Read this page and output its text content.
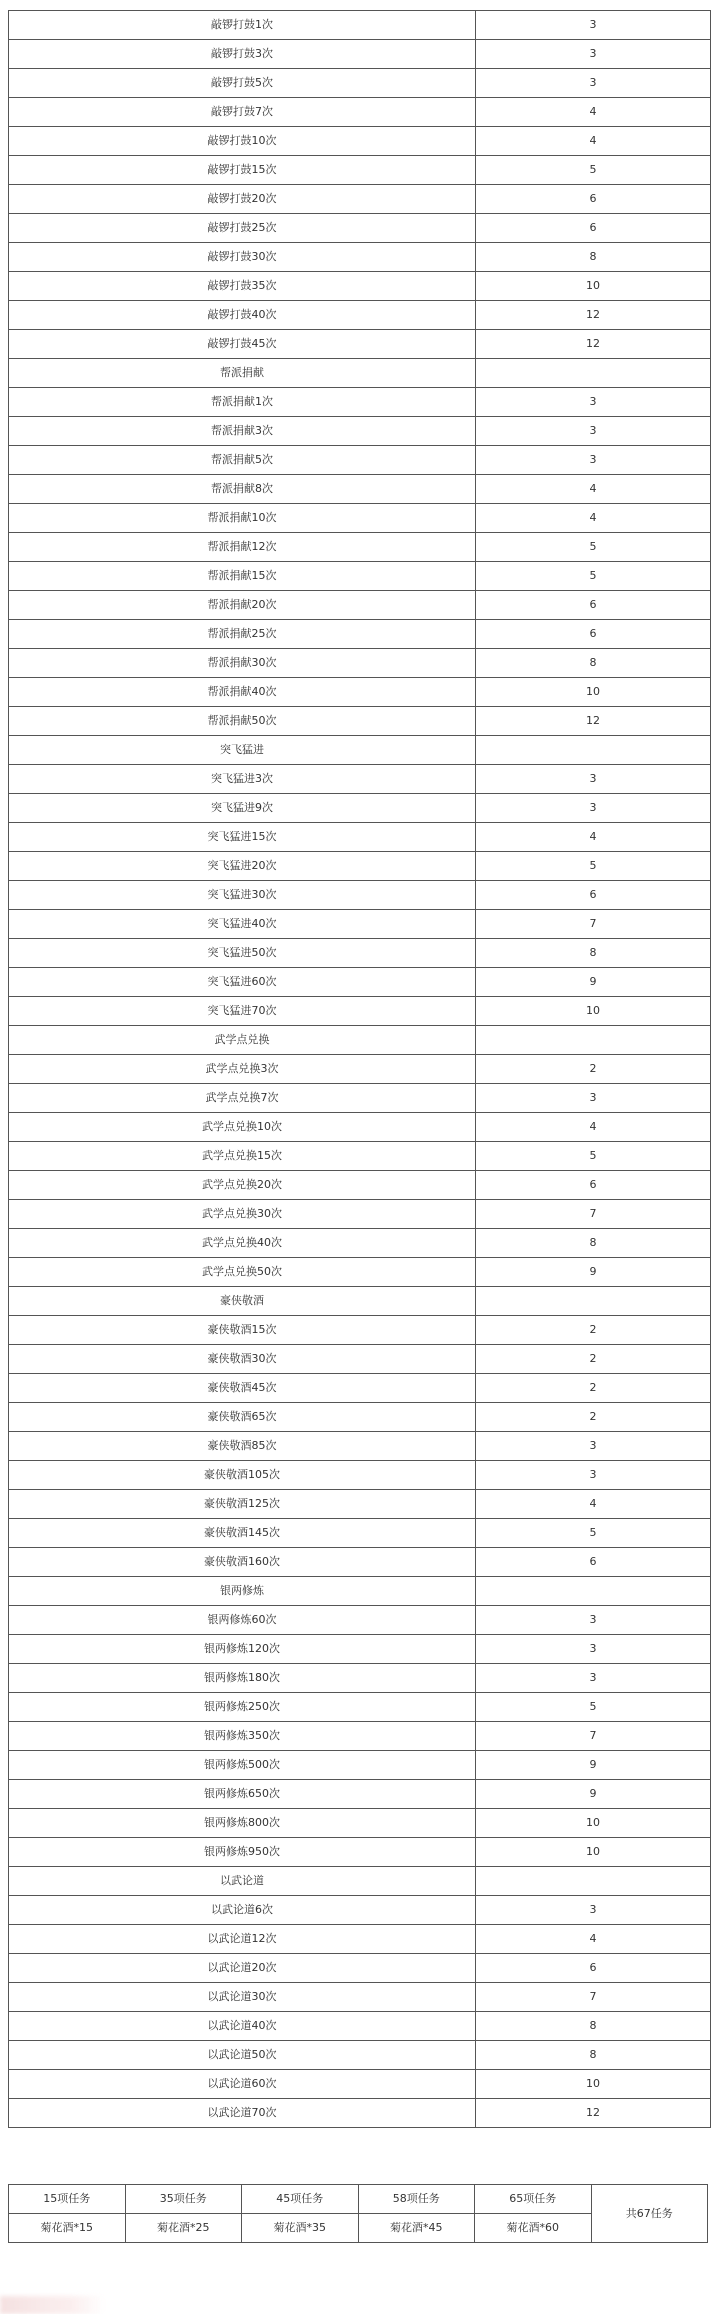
敲锣打鼓1次	3
敲锣打鼓3次	3
敲锣打鼓5次	3
敲锣打鼓7次	4
敲锣打鼓10次	4
敲锣打鼓15次	5
敲锣打鼓20次	6
敲锣打鼓25次	6
敲锣打鼓30次	8
敲锣打鼓35次	10
敲锣打鼓40次	12
敲锣打鼓45次	12
帮派捐献	
帮派捐献1次	3
帮派捐献3次	3
帮派捐献5次	3
帮派捐献8次	4
帮派捐献10次	4
帮派捐献12次	5
帮派捐献15次	5
帮派捐献20次	6
帮派捐献25次	6
帮派捐献30次	8
帮派捐献40次	10
帮派捐献50次	12
突飞猛进	
突飞猛进3次	3
突飞猛进9次	3
突飞猛进15次	4
突飞猛进20次	5
突飞猛进30次	6
突飞猛进40次	7
突飞猛进50次	8
突飞猛进60次	9
突飞猛进70次	10
武学点兑换	
武学点兑换3次	2
武学点兑换7次	3
武学点兑换10次	4
武学点兑换15次	5
武学点兑换20次	6
武学点兑换30次	7
武学点兑换40次	8
武学点兑换50次	9
豪侠敬酒	
豪侠敬酒15次	2
豪侠敬酒30次	2
豪侠敬酒45次	2
豪侠敬酒65次	2
豪侠敬酒85次	3
豪侠敬酒105次	3
豪侠敬酒125次	4
豪侠敬酒145次	5
豪侠敬酒160次	6
银两修炼	
银两修炼60次	3
银两修炼120次	3
银两修炼180次	3
银两修炼250次	5
银两修炼350次	7
银两修炼500次	9
银两修炼650次	9
银两修炼800次	10
银两修炼950次	10
以武论道	
以武论道6次	3
以武论道12次	4
以武论道20次	6
以武论道30次	7
以武论道40次	8
以武论道50次	8
以武论道60次	10
以武论道70次	12
15项任务	35项任务	45项任务	58项任务	65项任务	共67任务
菊花酒*15	菊花酒*25	菊花酒*35	菊花酒*45	菊花酒*60	
